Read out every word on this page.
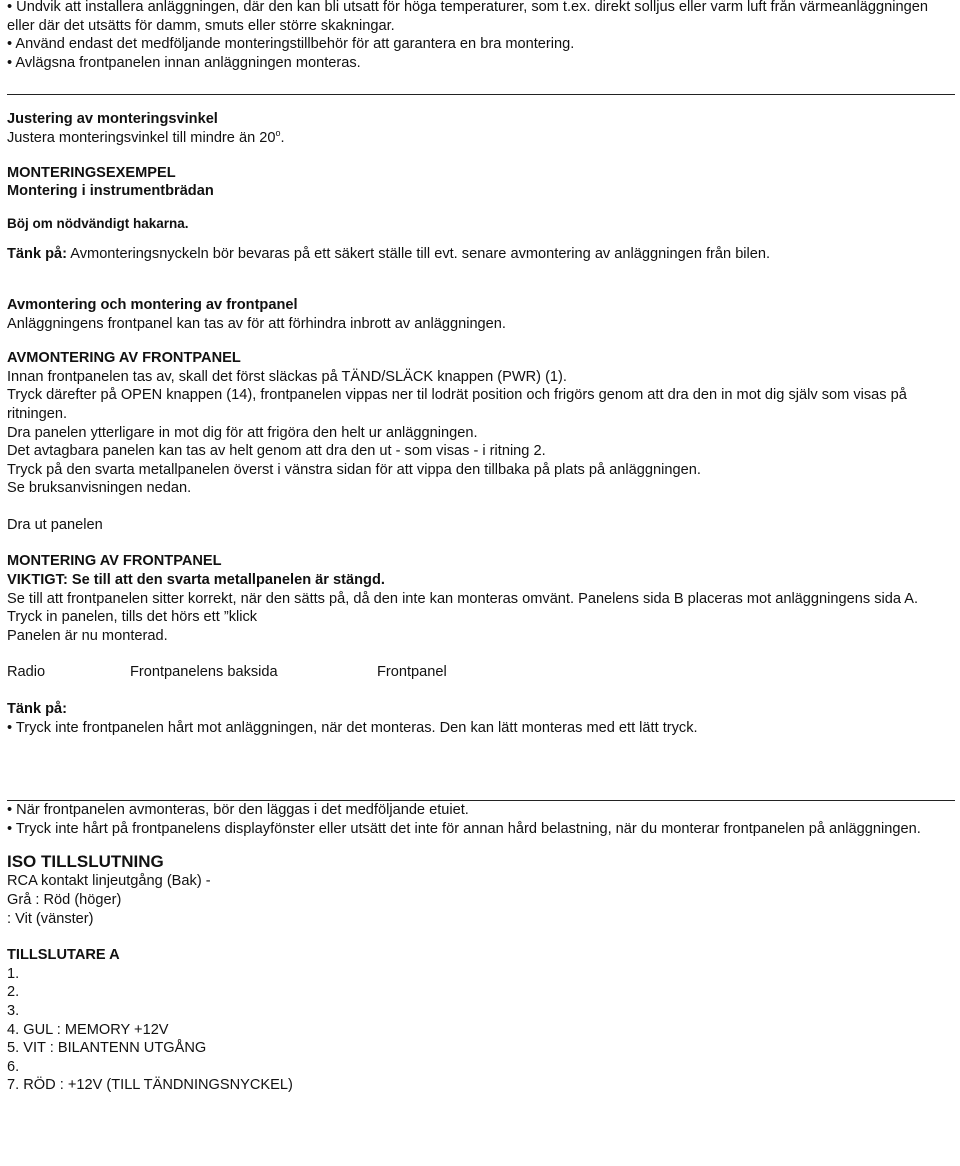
• Undvik att installera anläggningen, där den kan bli utsatt för höga temperaturer, som t.ex. direkt solljus eller varm luft från värmeanläggningen eller där det utsätts för damm, smuts eller större skakningar.
• Använd endast det medföljande monteringstillbehör för att garantera en bra montering.
• Avlägsna frontpanelen innan anläggningen monteras.
Justering av monteringsvinkel
Justera monteringsvinkel till mindre än 20$^o$.
MONTERINGSEXEMPEL
Montering i instrumentbrädan
Böj om nödvändigt hakarna.
Tänk på: Avmonteringsnyckeln bör bevaras på ett säkert ställe till evt. senare avmontering av anläggningen från bilen.
Avmontering och montering av frontpanel
Anläggningens frontpanel kan tas av för att förhindra inbrott av anläggningen.
AVMONTERING AV FRONTPANEL
Innan frontpanelen tas av, skall det först släckas på TÄND/SLÄCK knappen (PWR) (1).
Tryck därefter på OPEN knappen (14), frontpanelen vippas ner til lodrät position och frigörs genom att dra den in mot dig själv som visas på ritningen.
Dra panelen ytterligare in mot dig för att frigöra den helt ur anläggningen.
Det avtagbara panelen kan tas av helt genom att dra den ut - som visas - i ritning 2.
Tryck på den svarta metallpanelen överst i vänstra sidan för att vippa den tillbaka på plats på anläggningen.
Se bruksanvisningen nedan.
Dra ut panelen
MONTERING AV FRONTPANEL
VIKTIGT: Se till att den svarta metallpanelen är stängd.
Se till att frontpanelen sitter korrekt, när den sätts på, då den inte kan monteras omvänt. Panelens sida B placeras mot anläggningens sida A.
Tryck in panelen, tills det hörs ett ”klick
Panelen är nu monterad.
Radio	Frontpanelens baksida	Frontpanel
Tänk på:
• Tryck inte frontpanelen hårt mot anläggningen, när det monteras. Den kan lätt monteras med ett lätt tryck.
• När frontpanelen avmonteras, bör den läggas i det medföljande etuiet.
• Tryck inte hårt på frontpanelens displayfönster eller utsätt det inte för annan hård belastning, när du monterar frontpanelen på anläggningen.
ISO TILLSLUTNING
RCA kontakt linjeutgång (Bak) -
Grå : Röd (höger)
: Vit (vänster)
TILLSLUTARE A
1.
2.
3.
4. GUL : MEMORY +12V
5. VIT : BILANTENN UTGÅNG
6.
7. RÖD : +12V (TILL TÄNDNINGSNYCKEL)
